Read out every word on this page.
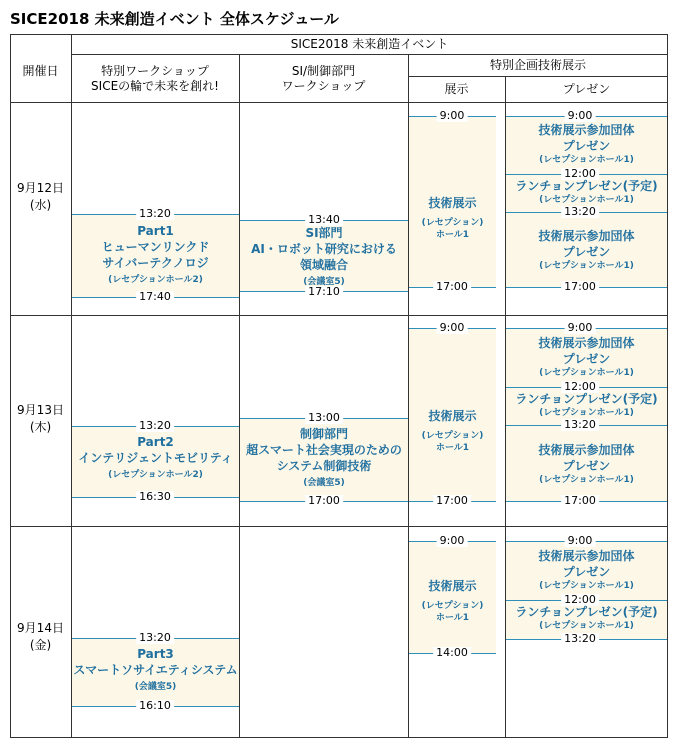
SICE2018 未来創造イベント 全体スケジュール
開催日
SICE2018 未来創造イベント
特別ワークショップ
SICEの輪で未来を創れ!
SI/制御部門
ワークショップ
特別企画技術展示
展示	プレゼン
9月12日
(水)
9月13日
(木)
9月14日
(金)
13:20
17:40
Part1
ヒューマンリンクド
サイバーテクノロジ
(レセプションホール2)
13:40
17:10
SI部門
AI・ロボット研究における
領域融合
(会議室5)
9:00
17:00
技術展示
(レセプション)
ホール1
9:00
12:00
13:20
17:00
技術展示参加団体
プレゼン
(レセプションホール1)
ランチョンプレゼン(予定)
(レセプションホール1)
技術展示参加団体
プレゼン
(レセプションホール1)
13:20
16:30
Part2
インテリジェントモビリティ
(レセプションホール2)
13:00
17:00
制御部門
超スマート社会実現のための
システム制御技術
(会議室5)
9:00
17:00
技術展示
(レセプション)
ホール1
9:00
12:00
13:20
17:00
技術展示参加団体
プレゼン
(レセプションホール1)
ランチョンプレゼン(予定)
(レセプションホール1)
技術展示参加団体
プレゼン
(レセプションホール1)
13:20
16:10
Part3
スマートソサイエティシステム
(会議室5)
9:00
14:00
技術展示
(レセプション)
ホール1
9:00
12:00
13:20
技術展示参加団体
プレゼン
(レセプションホール1)
ランチョンプレゼン(予定)
(レセプションホール1)
